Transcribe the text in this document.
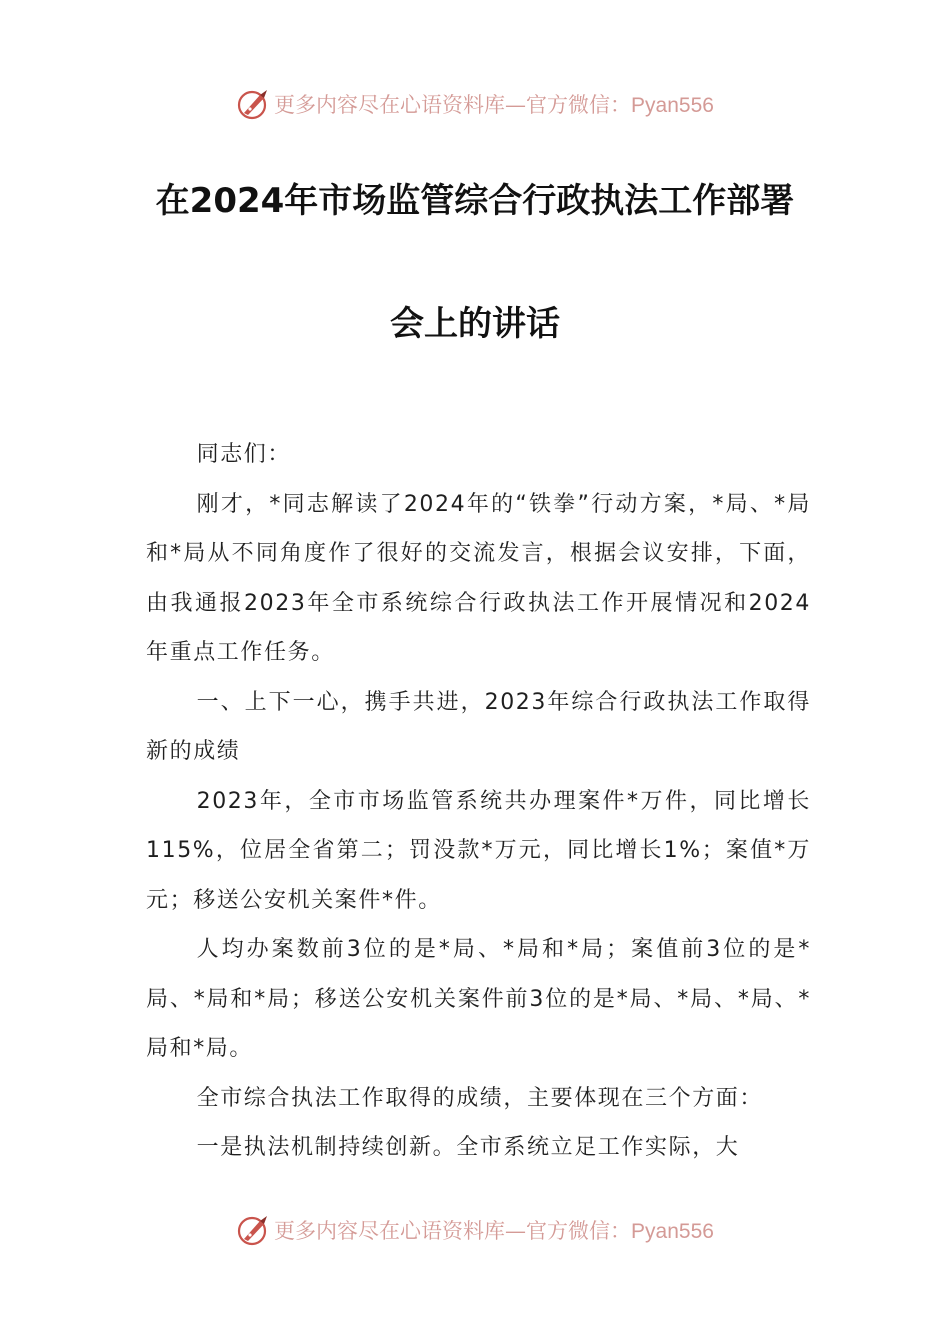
更多内容尽在心语资料库—官方微信：Pyan556
在2024年市场监管综合行政执法工作部署
会上的讲话

同志们：

刚才，*同志解读了2024年的“铁拳”行动方案，*局、*局和*局从不同角度作了很好的交流发言，根据会议安排，下面，由我通报2023年全市系统综合行政执法工作开展情况和2024年重点工作任务。

一、上下一心，携手共进，2023年综合行政执法工作取得新的成绩

2023年，全市市场监管系统共办理案件*万件，同比增长115%，位居全省第二；罚没款*万元，同比增长1%；案值*万元；移送公安机关案件*件。

人均办案数前3位的是*局、*局和*局；案值前3位的是*局、*局和*局；移送公安机关案件前3位的是*局、*局、*局、*局和*局。

全市综合执法工作取得的成绩，主要体现在三个方面：

一是执法机制持续创新。全市系统立足工作实际，大

更多内容尽在心语资料库—官方微信：Pyan556
